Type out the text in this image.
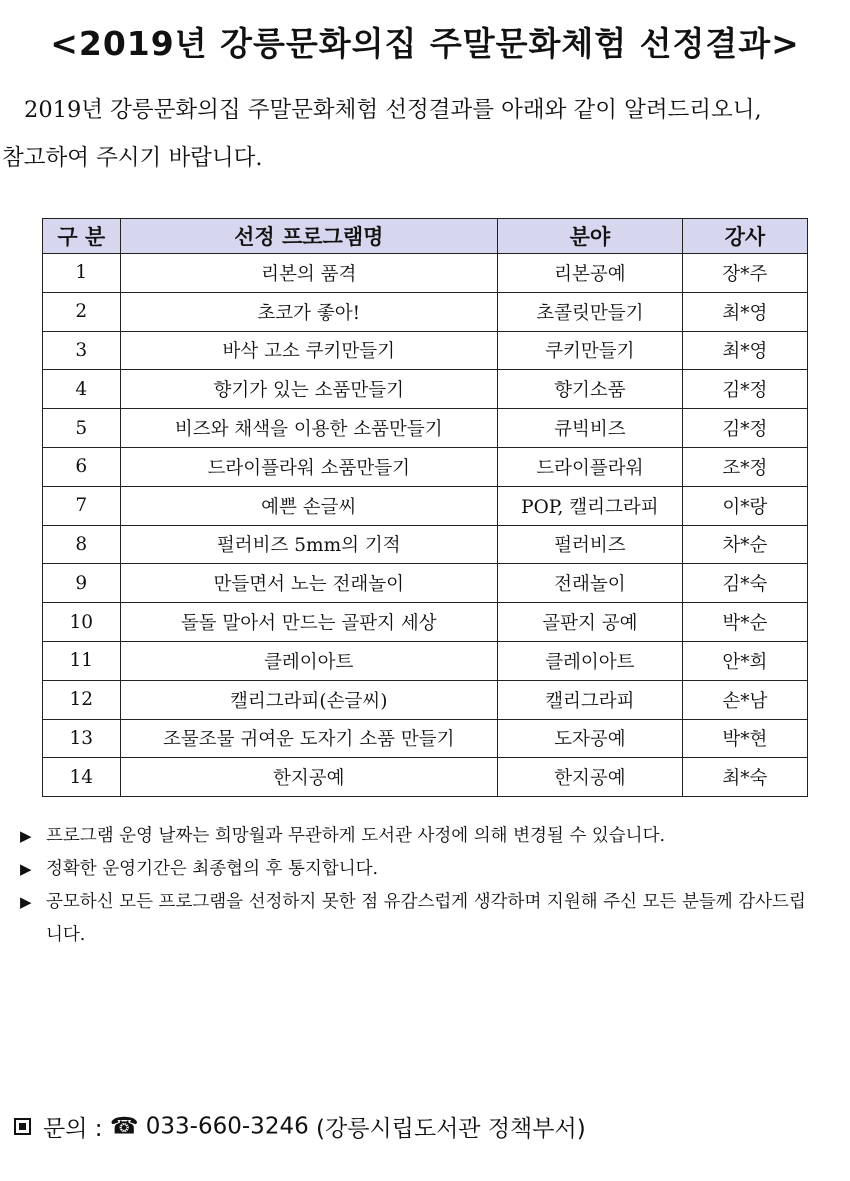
<2019년 강릉문화의집 주말문화체험 선정결과>
2019년 강릉문화의집 주말문화체험 선정결과를 아래와 같이 알려드리오니,
참고하여 주시기 바랍니다.
구 분	선정 프로그램명	분야	강사
1	리본의 품격	리본공예	장*주
2	초코가 좋아!	초콜릿만들기	최*영
3	바삭 고소 쿠키만들기	쿠키만들기	최*영
4	향기가 있는 소품만들기	향기소품	김*정
5	비즈와 채색을 이용한 소품만들기	큐빅비즈	김*정
6	드라이플라워 소품만들기	드라이플라워	조*정
7	예쁜 손글씨	POP, 캘리그라피	이*랑
8	펄러비즈 5mm의 기적	펄러비즈	차*순
9	만들면서 노는 전래놀이	전래놀이	김*숙
10	돌돌 말아서 만드는 골판지 세상	골판지 공예	박*순
11	클레이아트	클레이아트	안*희
12	캘리그라피(손글씨)	캘리그라피	손*남
13	조물조물 귀여운 도자기 소품 만들기	도자공예	박*현
14	한지공예	한지공예	최*숙
▶ 프로그램 운영 날짜는 희망월과 무관하게 도서관 사정에 의해 변경될 수 있습니다.
▶ 정확한 운영기간은 최종협의 후 통지합니다.
▶ 공모하신 모든 프로그램을 선정하지 못한 점 유감스럽게 생각하며 지원해 주신 모든 분들께 감사드립니다.
문의 : ☎ 033-660-3246 (강릉시립도서관 정책부서)
